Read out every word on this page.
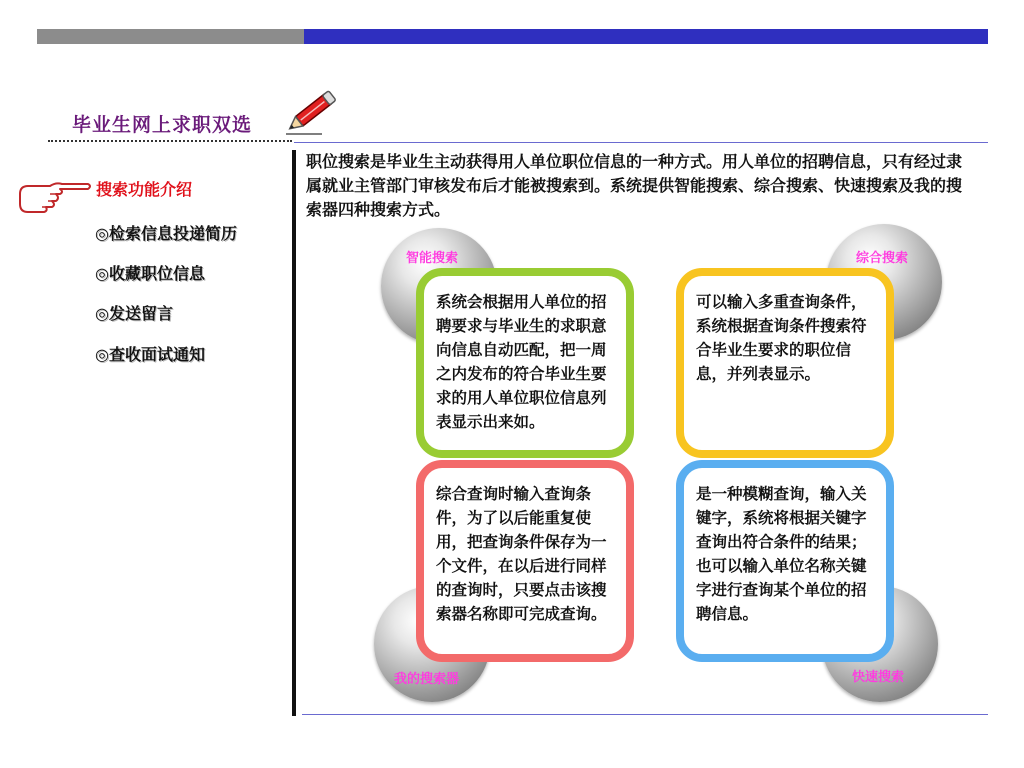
毕业生网上求职双选
搜索功能介绍
◎检索信息投递简历
◎收藏职位信息
◎发送留言
◎查收面试通知
职位搜索是毕业生主动获得用人单位职位信息的一种方式。用人单位的招聘信息，只有经过隶属就业主管部门审核发布后才能被搜索到。系统提供智能搜索、综合搜索、快速搜索及我的搜索器四种搜索方式。
智能搜索	综合搜索
我的搜索器	快速搜索
系统会根据用人单位的招聘要求与毕业生的求职意向信息自动匹配，把一周之内发布的符合毕业生要求的用人单位职位信息列表显示出来如。
可以输入多重查询条件，系统根据查询条件搜索符合毕业生要求的职位信息，并列表显示。
综合查询时输入查询条件，为了以后能重复使用，把查询条件保存为一个文件，在以后进行同样的查询时，只要点击该搜索器名称即可完成查询。
是一种模糊查询，输入关键字，系统将根据关键字查询出符合条件的结果；也可以输入单位名称关键字进行查询某个单位的招聘信息。
